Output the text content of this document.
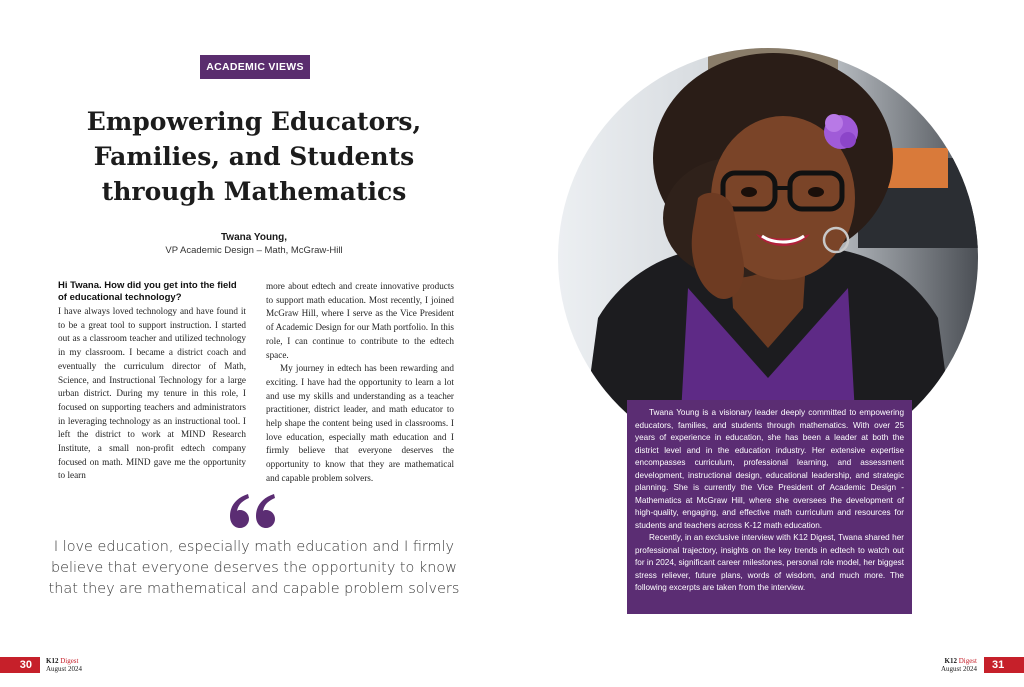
ACADEMIC VIEWS
Empowering Educators, Families, and Students through Mathematics
Twana Young,
VP Academic Design – Math, McGraw-Hill
Hi Twana. How did you get into the field of educational technology?

I have always loved technology and have found it to be a great tool to support instruction. I started out as a classroom teacher and utilized technology in my classroom. I became a district coach and eventually the curriculum director of Math, Science, and Instructional Technology for a large urban district. During my tenure in this role, I focused on supporting teachers and administrators in leveraging technology as an instructional tool. I left the district to work at MIND Research Institute, a small non-profit edtech company focused on math. MIND gave me the opportunity to learn

more about edtech and create innovative products to support math education. Most recently, I joined McGraw Hill, where I serve as the Vice President of Academic Design for our Math portfolio. In this role, I can continue to contribute to the edtech space.

My journey in edtech has been rewarding and exciting. I have had the opportunity to learn a lot and use my skills and understanding as a teacher practitioner, district leader, and math educator to help shape the content being used in classrooms. I love education, especially math education and I firmly believe that everyone deserves the opportunity to know that they are mathematical and capable problem solvers.

I love education, especially math education and I firmly believe that everyone deserves the opportunity to know that they are mathematical and capable problem solvers

Twana Young is a visionary leader deeply committed to empowering educators, families, and students through mathematics. With over 25 years of experience in education, she has been a leader at both the district level and in the education industry. Her extensive expertise encompasses curriculum, professional learning, and assessment development, instructional design, educational leadership, and strategic planning. She is currently the Vice President of Academic Design - Mathematics at McGraw Hill, where she oversees the development of high-quality, engaging, and effective math curriculum and resources for students and teachers across K-12 math education.

Recently, in an exclusive interview with K12 Digest, Twana shared her professional trajectory, insights on the key trends in edtech to watch out for in 2024, significant career milestones, personal role model, her biggest stress reliever, future plans, words of wisdom, and much more. The following excerpts are taken from the interview.

30	K12 Digest
August 2024
K12 Digest
August 2024	31
